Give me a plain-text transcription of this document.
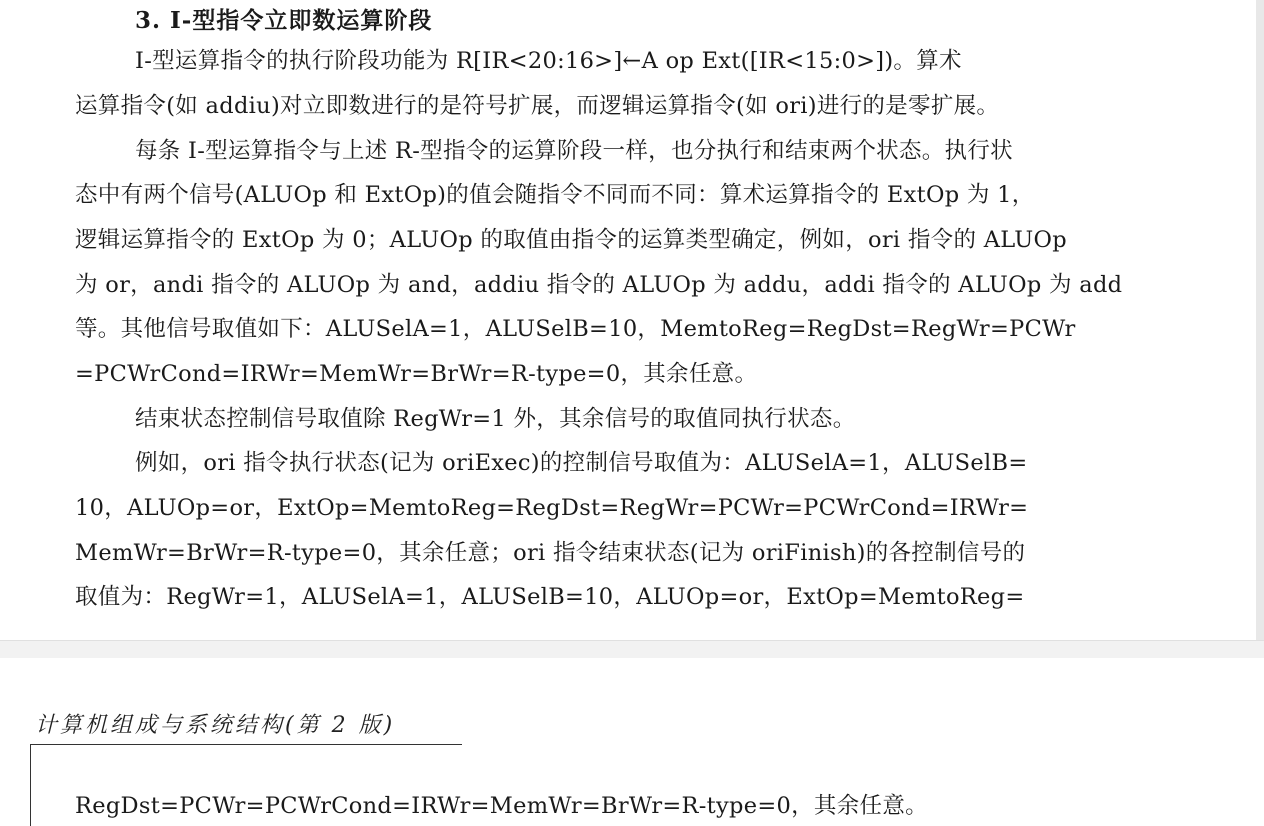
3. I-型指令立即数运算阶段
I-型运算指令的执行阶段功能为 R[IR<20:16>]←A op Ext([IR<15:0>])。算术
运算指令(如 addiu)对立即数进行的是符号扩展，而逻辑运算指令(如 ori)进行的是零扩展。
每条 I-型运算指令与上述 R-型指令的运算阶段一样，也分执行和结束两个状态。执行状
态中有两个信号(ALUOp 和 ExtOp)的值会随指令不同而不同：算术运算指令的 ExtOp 为 1，
逻辑运算指令的 ExtOp 为 0；ALUOp 的取值由指令的运算类型确定，例如，ori 指令的 ALUOp
为 or，andi 指令的 ALUOp 为 and，addiu 指令的 ALUOp 为 addu，addi 指令的 ALUOp 为 add
等。其他信号取值如下：ALUSelA=1，ALUSelB=10，MemtoReg=RegDst=RegWr=PCWr
=PCWrCond=IRWr=MemWr=BrWr=R-type=0，其余任意。
结束状态控制信号取值除 RegWr=1 外，其余信号的取值同执行状态。
例如，ori 指令执行状态(记为 oriExec)的控制信号取值为：ALUSelA=1，ALUSelB=
10，ALUOp=or，ExtOp=MemtoReg=RegDst=RegWr=PCWr=PCWrCond=IRWr=
MemWr=BrWr=R-type=0，其余任意；ori 指令结束状态(记为 oriFinish)的各控制信号的
取值为：RegWr=1，ALUSelA=1，ALUSelB=10，ALUOp=or，ExtOp=MemtoReg=
计算机组成与系统结构(第 2 版)
RegDst=PCWr=PCWrCond=IRWr=MemWr=BrWr=R-type=0，其余任意。
